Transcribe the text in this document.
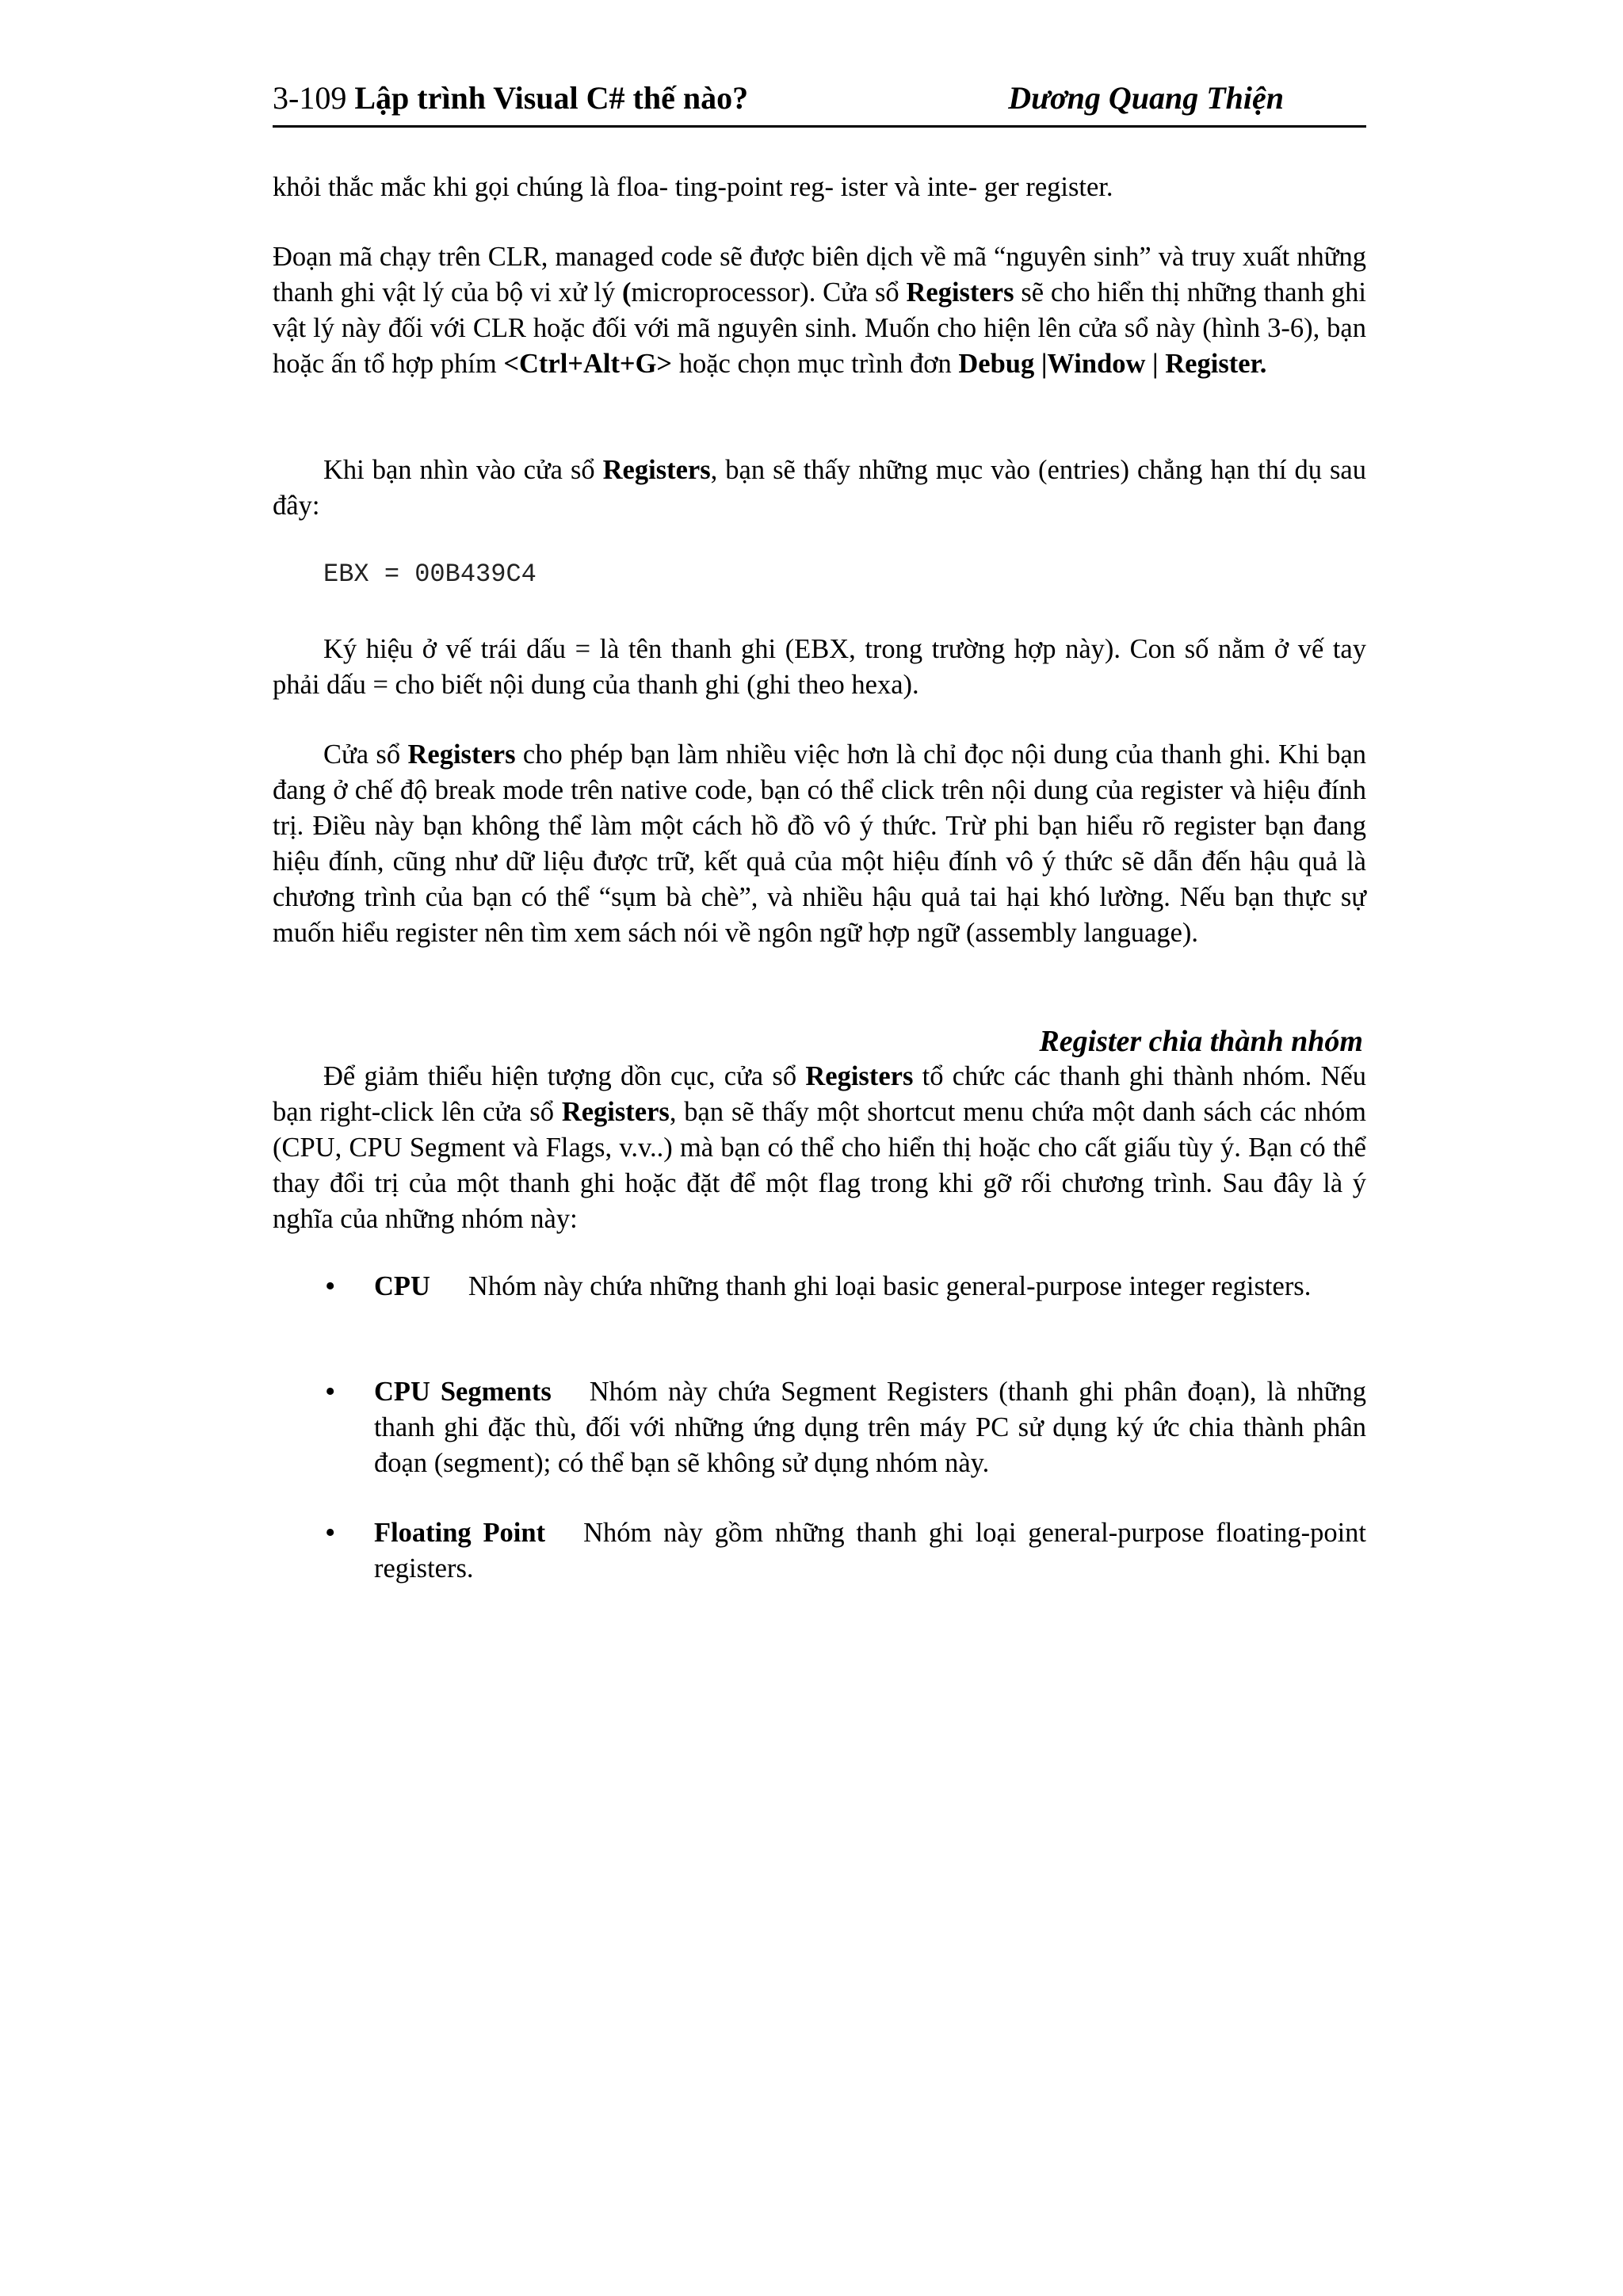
3-109 Lập trình Visual C# thế nào?	Dương Quang Thiện
khỏi thắc mắc khi gọi chúng là floa- ting-point reg- ister và inte- ger register.
Đoạn mã chạy trên CLR, managed code sẽ được biên dịch về mã “nguyên sinh” và truy xuất những thanh ghi vật lý của bộ vi xử lý (microprocessor). Cửa sổ Registers sẽ cho hiển thị những thanh ghi vật lý này đối với CLR hoặc đối với mã nguyên sinh. Muốn cho hiện lên cửa sổ này (hình 3-6), bạn hoặc ấn tổ hợp phím <Ctrl+Alt+G> hoặc chọn mục trình đơn Debug |Window | Register.
Khi bạn nhìn vào cửa sổ Registers, bạn sẽ thấy những mục vào (entries) chẳng hạn thí dụ sau đây:
EBX = 00B439C4
Ký hiệu ở vế trái dấu = là tên thanh ghi (EBX, trong trường hợp này). Con số nằm ở vế tay phải dấu = cho biết nội dung của thanh ghi (ghi theo hexa).
Cửa sổ Registers cho phép bạn làm nhiều việc hơn là chỉ đọc nội dung của thanh ghi. Khi bạn đang ở chế độ break mode trên native code, bạn có thể click trên nội dung của register và hiệu đính trị. Điều này bạn không thể làm một cách hồ đồ vô ý thức. Trừ phi bạn hiểu rõ register bạn đang hiệu đính, cũng như dữ liệu được trữ, kết quả của một hiệu đính vô ý thức sẽ dẫn đến hậu quả là chương trình của bạn có thể “sụm bà chè”, và nhiều hậu quả tai hại khó lường. Nếu bạn thực sự muốn hiểu register nên tìm xem sách nói về ngôn ngữ hợp ngữ (assembly language).
Register chia thành nhóm
Để giảm thiểu hiện tượng dồn cục, cửa sổ Registers tổ chức các thanh ghi thành nhóm. Nếu bạn right-click lên cửa sổ Registers, bạn sẽ thấy một shortcut menu chứa một danh sách các nhóm (CPU, CPU Segment và Flags, v.v..) mà bạn có thể cho hiển thị hoặc cho cất giấu tùy ý. Bạn có thể thay đổi trị của một thanh ghi hoặc đặt để một flag trong khi gỡ rối chương trình. Sau đây là ý nghĩa của những nhóm này:
• CPU Nhóm này chứa những thanh ghi loại basic general-purpose integer registers.
• CPU Segments Nhóm này chứa Segment Registers (thanh ghi phân đoạn), là những thanh ghi đặc thù, đối với những ứng dụng trên máy PC sử dụng ký ức chia thành phân đoạn (segment); có thể bạn sẽ không sử dụng nhóm này.
• Floating Point Nhóm này gồm những thanh ghi loại general-purpose floating-point registers.
